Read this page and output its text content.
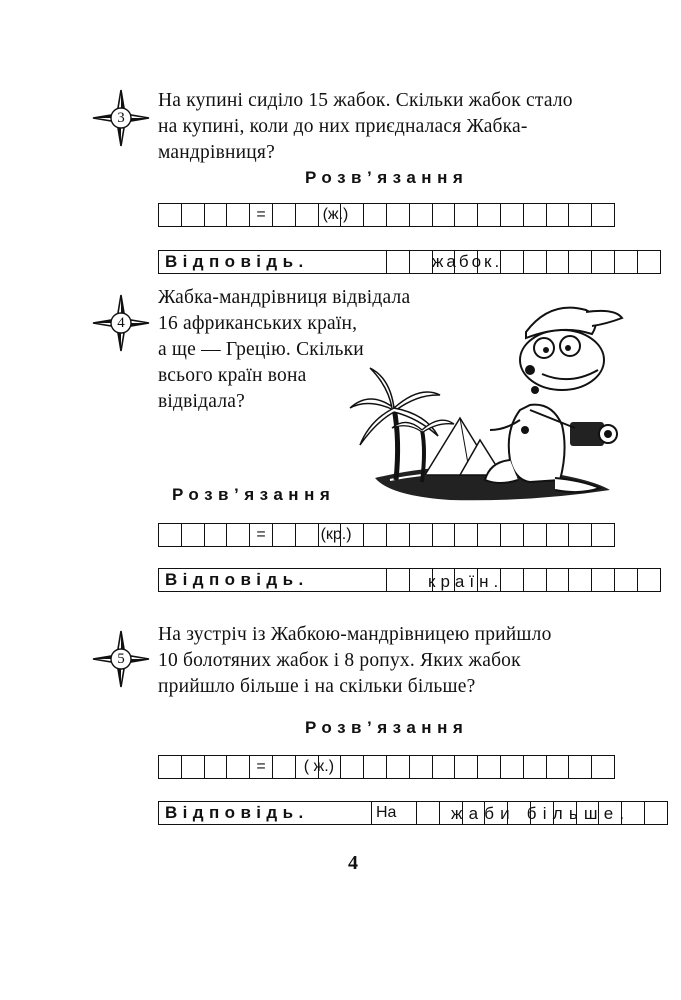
3
На купині сиділо 15 жабок. Скільки жабок стало
на купині, коли до них приєдналася Жабка-
мандрівниця?
Розв’язання
=	(ж.)
Відповідь.	жабок.
4
Жабка-мандрівниця відвідала
16 африканських країн,
а ще — Грецію. Скільки
всього країн вона
відвідала?
Розв’язання
=	(кр.)
Відповідь.	країн.
5
На зустріч із Жабкою-мандрівницею прийшло
10 болотяних жабок і 8 ропух. Яких жабок
прийшло більше і на скільки більше?
Розв’язання
=	( ж.)
На
Відповідь.	жаби більше.
4
